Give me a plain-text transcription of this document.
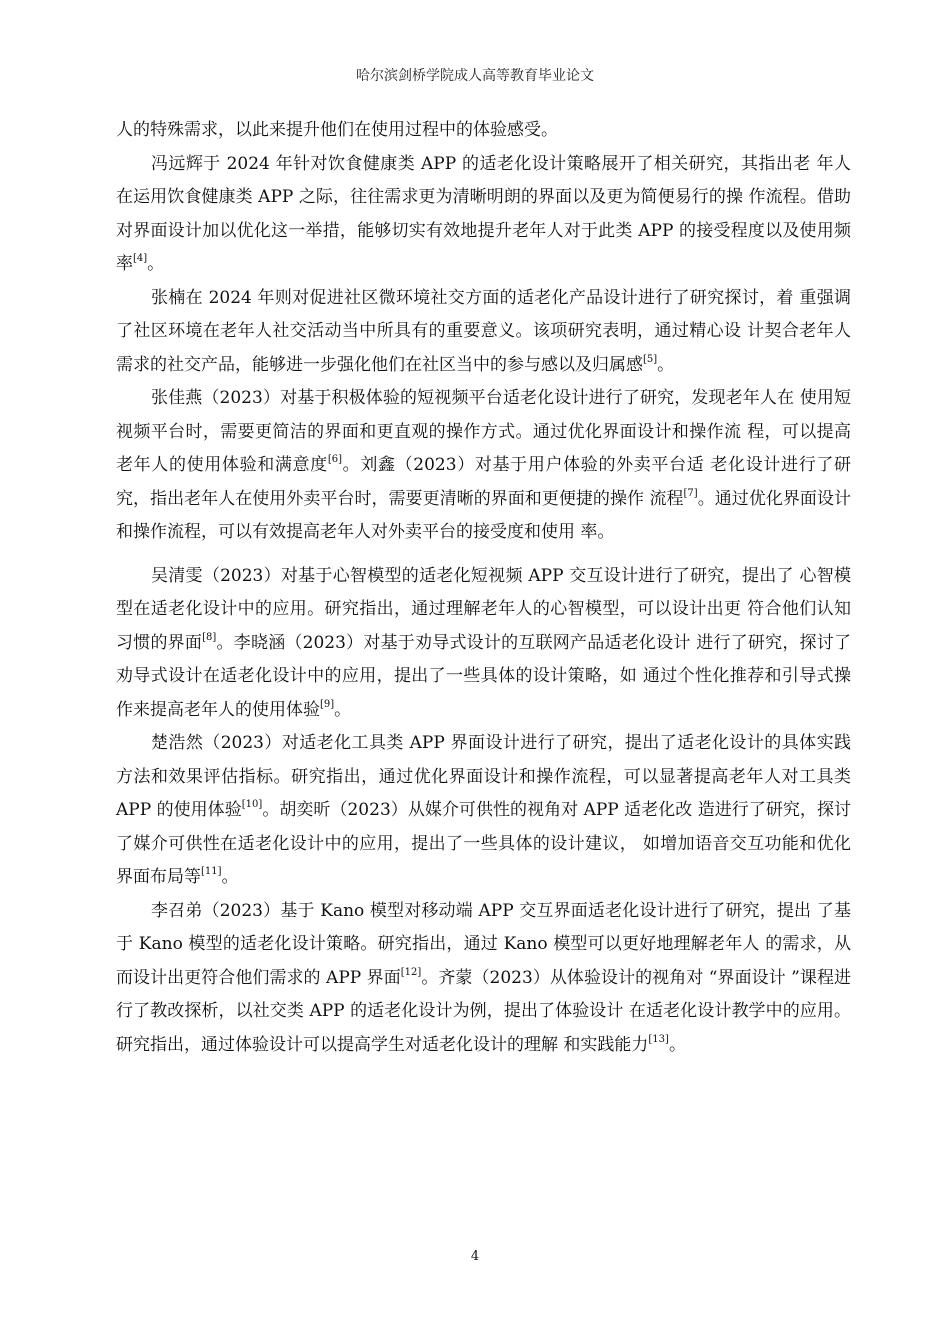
哈尔滨剑桥学院成人高等教育毕业论文

人的特殊需求，以此来提升他们在使用过程中的体验感受。

冯远辉于 2024 年针对饮食健康类 APP 的适老化设计策略展开了相关研究，其指出老 年人在运用饮食健康类 APP 之际，往往需求更为清晰明朗的界面以及更为简便易行的操 作流程。借助对界面设计加以优化这一举措，能够切实有效地提升老年人对于此类 APP 的接受程度以及使用频率[4]。

张楠在 2024 年则对促进社区微环境社交方面的适老化产品设计进行了研究探讨，着 重强调了社区环境在老年人社交活动当中所具有的重要意义。该项研究表明，通过精心设 计契合老年人需求的社交产品，能够进一步强化他们在社区当中的参与感以及归属感[5]。

张佳燕（2023）对基于积极体验的短视频平台适老化设计进行了研究，发现老年人在 使用短视频平台时，需要更简洁的界面和更直观的操作方式。通过优化界面设计和操作流 程，可以提高老年人的使用体验和满意度[6]。刘鑫（2023）对基于用户体验的外卖平台适 老化设计进行了研究，指出老年人在使用外卖平台时，需要更清晰的界面和更便捷的操作 流程[7]。通过优化界面设计和操作流程，可以有效提高老年人对外卖平台的接受度和使用 率。

吴清雯（2023）对基于心智模型的适老化短视频 APP 交互设计进行了研究，提出了 心智模型在适老化设计中的应用。研究指出，通过理解老年人的心智模型，可以设计出更 符合他们认知习惯的界面[8]。李晓涵（2023）对基于劝导式设计的互联网产品适老化设计 进行了研究，探讨了劝导式设计在适老化设计中的应用，提出了一些具体的设计策略，如 通过个性化推荐和引导式操作来提高老年人的使用体验[9]。

楚浩然（2023）对适老化工具类 APP 界面设计进行了研究，提出了适老化设计的具体实践方法和效果评估指标。研究指出，通过优化界面设计和操作流程，可以显著提高老年人对工具类 APP 的使用体验[10]。胡奕昕（2023）从媒介可供性的视角对 APP 适老化改 造进行了研究，探讨了媒介可供性在适老化设计中的应用，提出了一些具体的设计建议， 如增加语音交互功能和优化界面布局等[11]。

李召弟（2023）基于 Kano 模型对移动端 APP 交互界面适老化设计进行了研究，提出 了基于 Kano 模型的适老化设计策略。研究指出，通过 Kano 模型可以更好地理解老年人 的需求，从而设计出更符合他们需求的 APP 界面[12]。齐蒙（2023）从体验设计的视角对 “界面设计 ”课程进行了教改探析，以社交类 APP 的适老化设计为例，提出了体验设计 在适老化设计教学中的应用。研究指出，通过体验设计可以提高学生对适老化设计的理解 和实践能力[13]。

4
